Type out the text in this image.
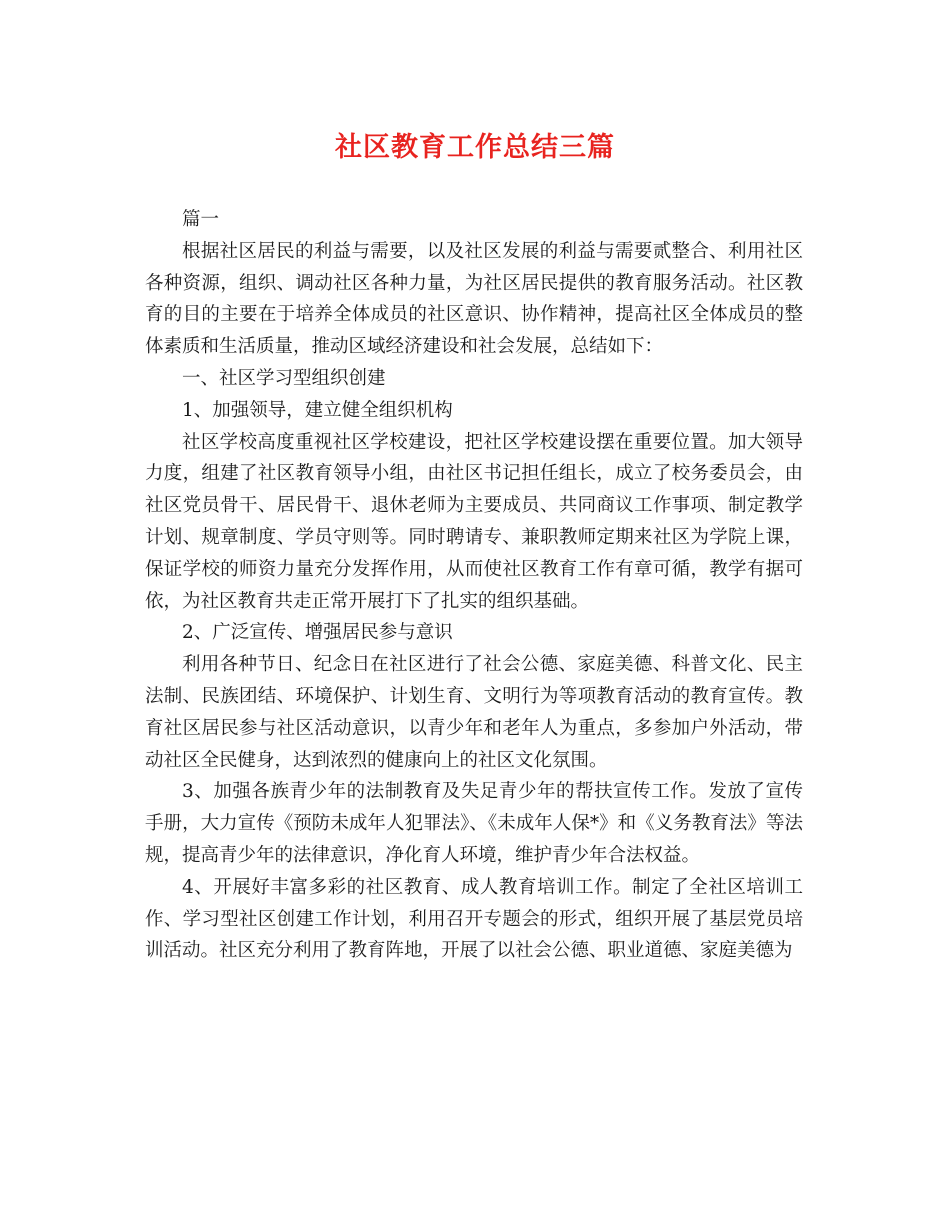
社区教育工作总结三篇

篇一

根据社区居民的利益与需要，以及社区发展的利益与需要贰整合、利用社区各种资源，组织、调动社区各种力量，为社区居民提供的教育服务活动。社区教育的目的主要在于培养全体成员的社区意识、协作精神，提高社区全体成员的整体素质和生活质量，推动区域经济建设和社会发展，总结如下：

一、社区学习型组织创建

1、加强领导，建立健全组织机构

社区学校高度重视社区学校建设，把社区学校建设摆在重要位置。加大领导力度，组建了社区教育领导小组，由社区书记担任组长，成立了校务委员会，由社区党员骨干、居民骨干、退休老师为主要成员、共同商议工作事项、制定教学计划、规章制度、学员守则等。同时聘请专、兼职教师定期来社区为学院上课，保证学校的师资力量充分发挥作用，从而使社区教育工作有章可循，教学有据可依，为社区教育共走正常开展打下了扎实的组织基础。

2、广泛宣传、增强居民参与意识

利用各种节日、纪念日在社区进行了社会公德、家庭美德、科普文化、民主法制、民族团结、环境保护、计划生育、文明行为等项教育活动的教育宣传。教育社区居民参与社区活动意识，以青少年和老年人为重点，多参加户外活动，带动社区全民健身，达到浓烈的健康向上的社区文化氛围。

3、加强各族青少年的法制教育及失足青少年的帮扶宣传工作。发放了宣传手册，大力宣传《预防未成年人犯罪法》、《未成年人保*》和《义务教育法》等法规，提高青少年的法律意识，净化育人环境，维护青少年合法权益。

4、开展好丰富多彩的社区教育、成人教育培训工作。制定了全社区培训工作、学习型社区创建工作计划，利用召开专题会的形式，组织开展了基层党员培训活动。社区充分利用了教育阵地，开展了以社会公德、职业道德、家庭美德为
